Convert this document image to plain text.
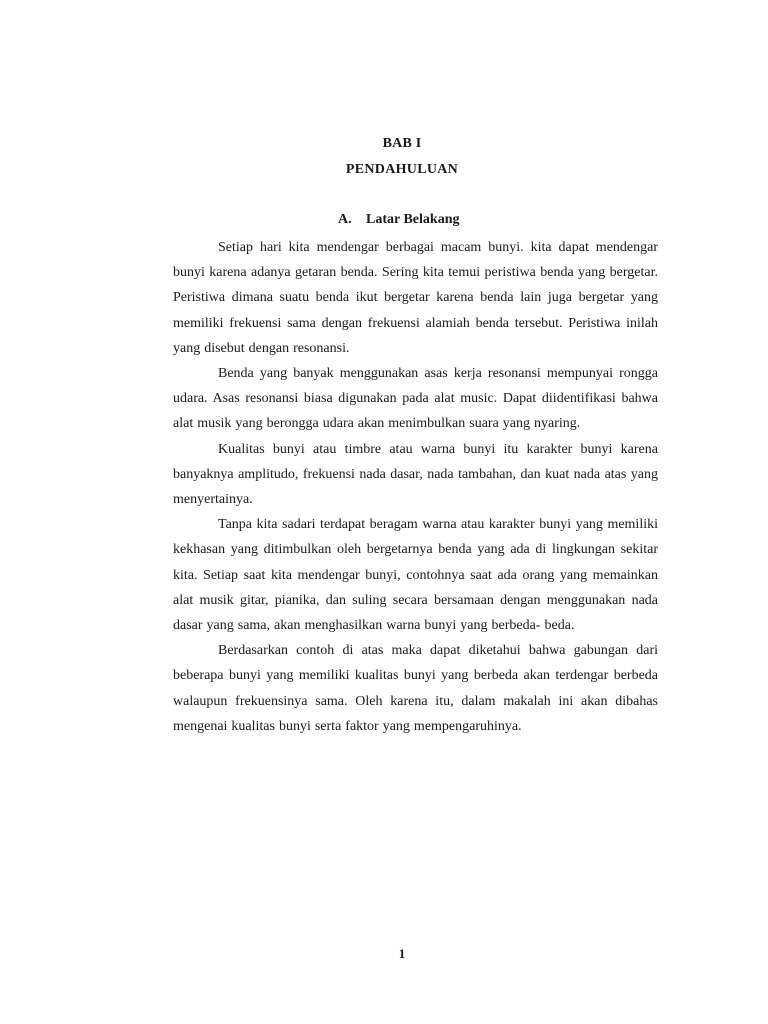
BAB I
PENDAHULUAN
A. Latar Belakang

Setiap hari kita mendengar berbagai macam bunyi. kita dapat mendengar bunyi karena adanya getaran benda. Sering kita temui peristiwa benda yang bergetar. Peristiwa dimana suatu benda ikut bergetar karena benda lain juga bergetar yang memiliki frekuensi sama dengan frekuensi alamiah benda tersebut. Peristiwa inilah yang disebut dengan resonansi.

Benda yang banyak menggunakan asas kerja resonansi mempunyai rongga udara. Asas resonansi biasa digunakan pada alat music. Dapat diidentifikasi bahwa alat musik yang berongga udara akan menimbulkan suara yang nyaring.

Kualitas bunyi atau timbre atau warna bunyi itu karakter bunyi karena banyaknya amplitudo, frekuensi nada dasar, nada tambahan, dan kuat nada atas yang menyertainya.

Tanpa kita sadari terdapat beragam warna atau karakter bunyi yang memiliki kekhasan yang ditimbulkan oleh bergetarnya benda yang ada di lingkungan sekitar kita. Setiap saat kita mendengar bunyi, contohnya saat ada orang yang memainkan alat musik gitar, pianika, dan suling secara bersamaan dengan menggunakan nada dasar yang sama, akan menghasilkan warna bunyi yang berbeda- beda.

Berdasarkan contoh di atas maka dapat diketahui bahwa gabungan dari beberapa bunyi yang memiliki kualitas bunyi yang berbeda akan terdengar berbeda walaupun frekuensinya sama. Oleh karena itu, dalam makalah ini akan dibahas mengenai kualitas bunyi serta faktor yang mempengaruhinya.

1
